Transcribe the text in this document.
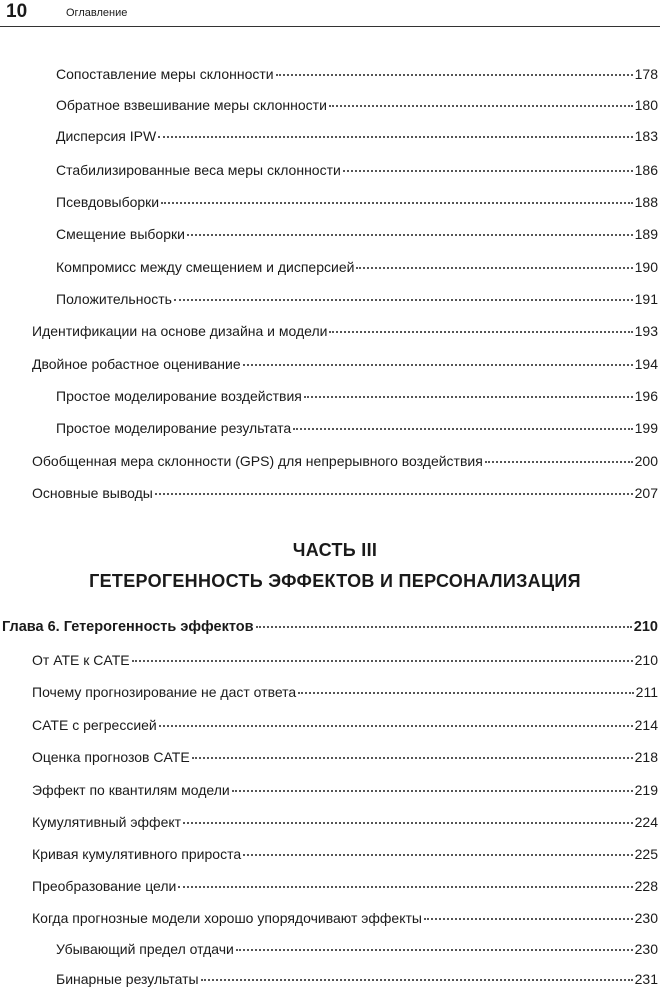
10	Оглавление
Сопоставление меры склонности	178
Обратное взвешивание меры склонности	180
Дисперсия IPW	183
Стабилизированные веса меры склонности	186
Псевдовыборки	188
Смещение выборки	189
Компромисс между смещением и дисперсией	190
Положительность	191
Идентификации на основе дизайна и модели	193
Двойное робастное оценивание	194
Простое моделирование воздействия	196
Простое моделирование результата	199
Обобщенная мера склонности (GPS) для непрерывного воздействия	200
Основные выводы	207
ЧАСТЬ III
ГЕТЕРОГЕННОСТЬ ЭФФЕКТОВ И ПЕРСОНАЛИЗАЦИЯ
Глава 6. Гетерогенность эффектов	210
От ATE к CATE	210
Почему прогнозирование не даст ответа	211
CATE с регрессией	214
Оценка прогнозов CATE	218
Эффект по квантилям модели	219
Кумулятивный эффект	224
Кривая кумулятивного прироста	225
Преобразование цели	228
Когда прогнозные модели хорошо упорядочивают эффекты	230
Убывающий предел отдачи	230
Бинарные результаты	231
